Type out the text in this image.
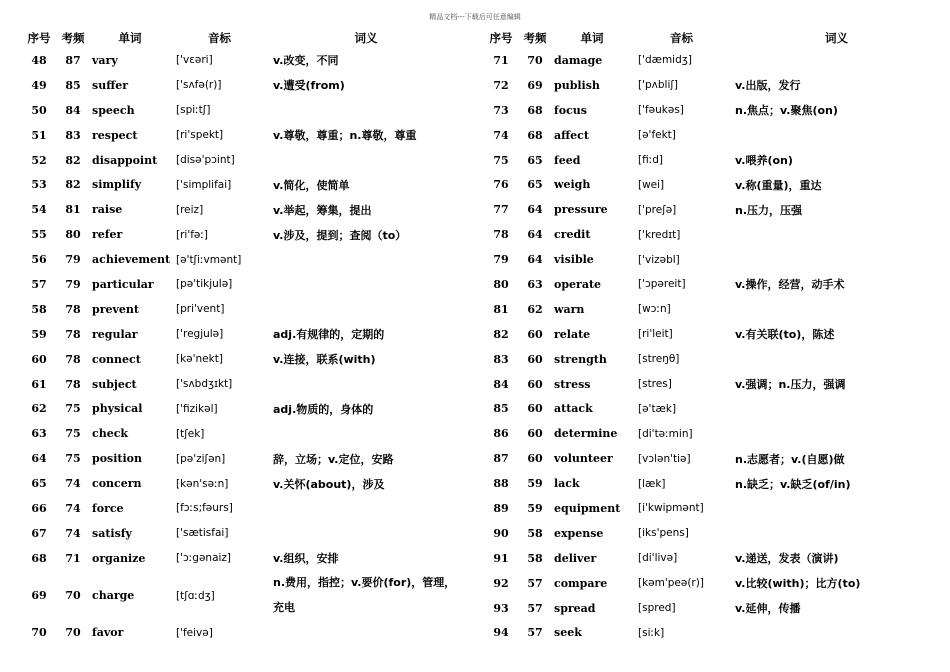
精品文档---下载后可任意编辑
序号	考频	单词	音标	词义
48	87	vary	['vεəri]	v.改变，不同
49	85	suffer	['sʌfə(r)]	v.遭受(from)
50	84	speech	[spiːtʃ]	
51	83	respect	[ri'spekt]	v.尊敬，尊重；n.尊敬，尊重
52	82	disappoint	[disə'pɔint]	
53	82	simplify	['simplifai]	v.简化，使简单
54	81	raise	[reiz]	v.举起，筹集，提出
55	80	refer	[ri'fəː]	v.涉及，提到；查阅（to）
56	79	achievement	[ə'tʃiːvmənt]	
57	79	particular	[pə'tikjulə]	
58	78	prevent	[pri'vent]	
59	78	regular	['regjulə]	adj.有规律的，定期的
60	78	connect	[kə'nekt]	v.连接，联系(with)
61	78	subject	['sʌbdʒɪkt]	
62	75	physical	['fizikəl]	adj.物质的，身体的
63	75	check	[tʃek]	
64	75	position	[pə'ziʃən]	辞，立场；v.定位，安路
65	74	concern	[kən'səːn]	v.关怀(about)，涉及
66	74	force	[fɔːs;fəurs]	
67	74	satisfy	['sætisfai]	
68	71	organize	['ɔːgənaiz]	v.组织，安排
69	70	charge	[tʃɑːdʒ]	n.费用，指控；v.要价(for)，管理，充电
70	70	favor	['feivə]	
序号	考频	单词	音标	词义
71	70	damage	['dæmidʒ]	
72	69	publish	['pʌbliʃ]	v.出版，发行
73	68	focus	['fəukəs]	n.焦点；v.聚焦(on)
74	68	affect	[ə'fekt]	
75	65	feed	[fiːd]	v.喂养(on)
76	65	weigh	[wei]	v.称(重量)，重达
77	64	pressure	['preʃə]	n.压力，压强
78	64	credit	['kredɪt]	
79	64	visible	['vizəbl]	
80	63	operate	['ɔpəreit]	v.操作，经营，动手术
81	62	warn	[wɔːn]	
82	60	relate	[ri'leit]	v.有关联(to)，陈述
83	60	strength	[streŋθ]	
84	60	stress	[stres]	v.强调；n.压力，强调
85	60	attack	[ə'tæk]	
86	60	determine	[di'təːmin]	
87	60	volunteer	[vɔlən'tiə]	n.志愿者；v.(自愿)做
88	59	lack	[læk]	n.缺乏；v.缺乏(of/in)
89	59	equipment	[i'kwipmənt]	
90	58	expense	[iks'pens]	
91	58	deliver	[di'livə]	v.递送，发表（演讲)
92	57	compare	[kəm'peə(r)]	v.比较(with)；比方(to)
93	57	spread	[spred]	v.延伸，传播
94	57	seek	[siːk]	
